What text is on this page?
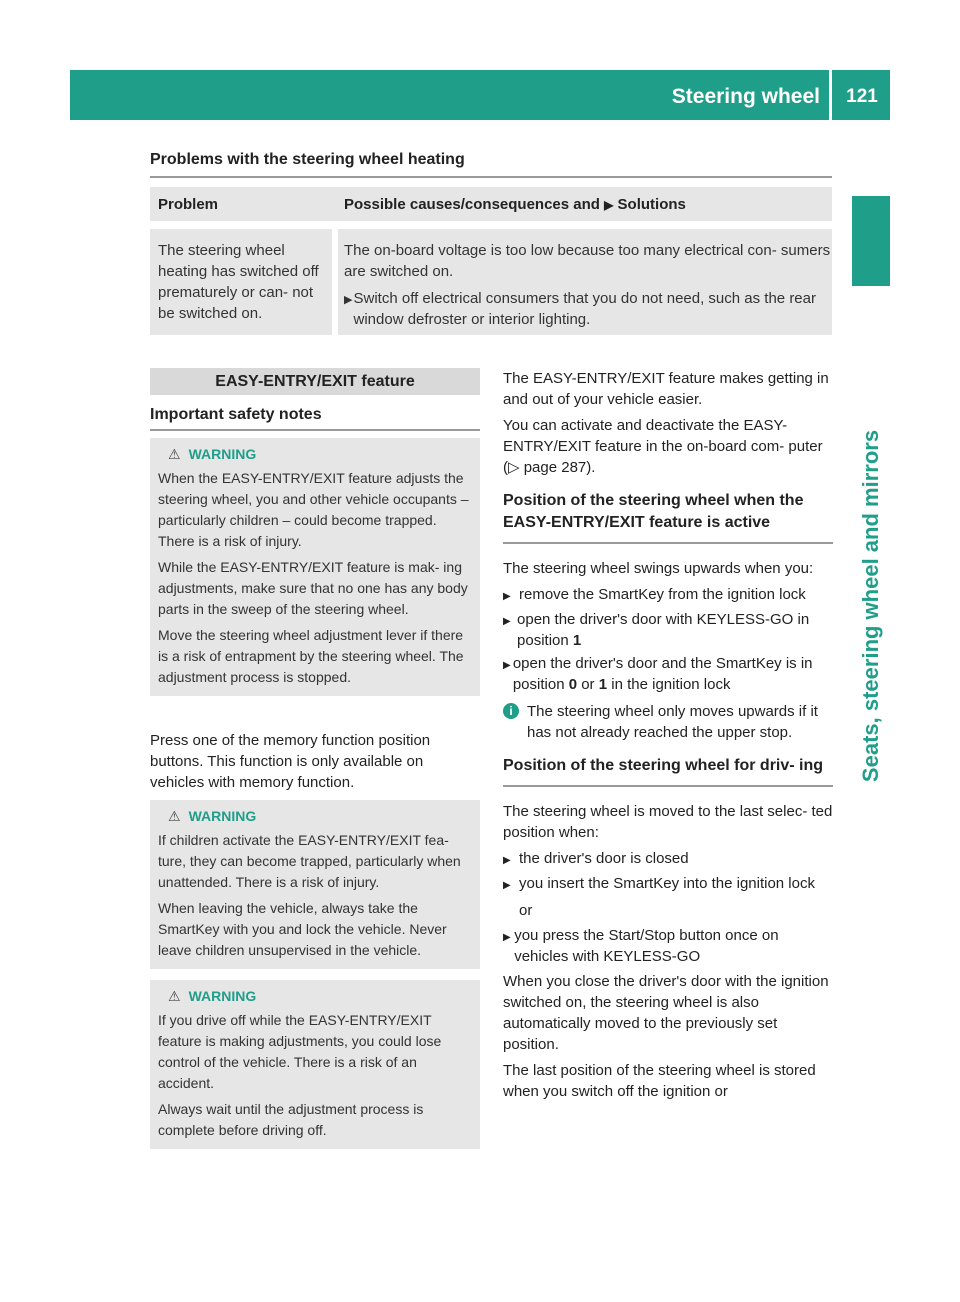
Steering wheel	121
Seats, steering wheel and mirrors
Problems with the steering wheel heating
Problem	Possible causes/consequences and ▶ Solutions
The steering wheel heating has switched off prematurely or can- not be switched on.
The on-board voltage is too low because too many electrical con- sumers are switched on.
▶ Switch off electrical consumers that you do not need, such as the rear window defroster or interior lighting.
EASY-ENTRY/EXIT feature
Important safety notes
⚠ WARNING

When the EASY-ENTRY/EXIT feature adjusts the steering wheel, you and other vehicle occupants – particularly children – could become trapped. There is a risk of injury.

While the EASY-ENTRY/EXIT feature is mak- ing adjustments, make sure that no one has any body parts in the sweep of the steering wheel.

Move the steering wheel adjustment lever if there is a risk of entrapment by the steering wheel. The adjustment process is stopped.

Press one of the memory function position buttons. This function is only available on vehicles with memory function.

⚠ WARNING

If children activate the EASY-ENTRY/EXIT fea- ture, they can become trapped, particularly when unattended. There is a risk of injury.

When leaving the vehicle, always take the SmartKey with you and lock the vehicle. Never leave children unsupervised in the vehicle.

⚠ WARNING

If you drive off while the EASY-ENTRY/EXIT feature is making adjustments, you could lose control of the vehicle. There is a risk of an accident.

Always wait until the adjustment process is complete before driving off.

The EASY-ENTRY/EXIT feature makes getting in and out of your vehicle easier.

You can activate and deactivate the EASY- ENTRY/EXIT feature in the on-board com- puter (▷ page 287).

Position of the steering wheel when the EASY-ENTRY/EXIT feature is active

The steering wheel swings upwards when you:

▶ remove the SmartKey from the ignition lock
▶ open the driver's door with KEYLESS-GO in position 1
▶ open the driver's door and the SmartKey is in position 0 or 1 in the ignition lock
i The steering wheel only moves upwards if it has not already reached the upper stop.
Position of the steering wheel for driv- ing

The steering wheel is moved to the last selec- ted position when:

▶ the driver's door is closed
▶ you insert the SmartKey into the ignition lock
or
▶ you press the Start/Stop button once on vehicles with KEYLESS-GO

When you close the driver's door with the ignition switched on, the steering wheel is also automatically moved to the previously set position.

The last position of the steering wheel is stored when you switch off the ignition or
